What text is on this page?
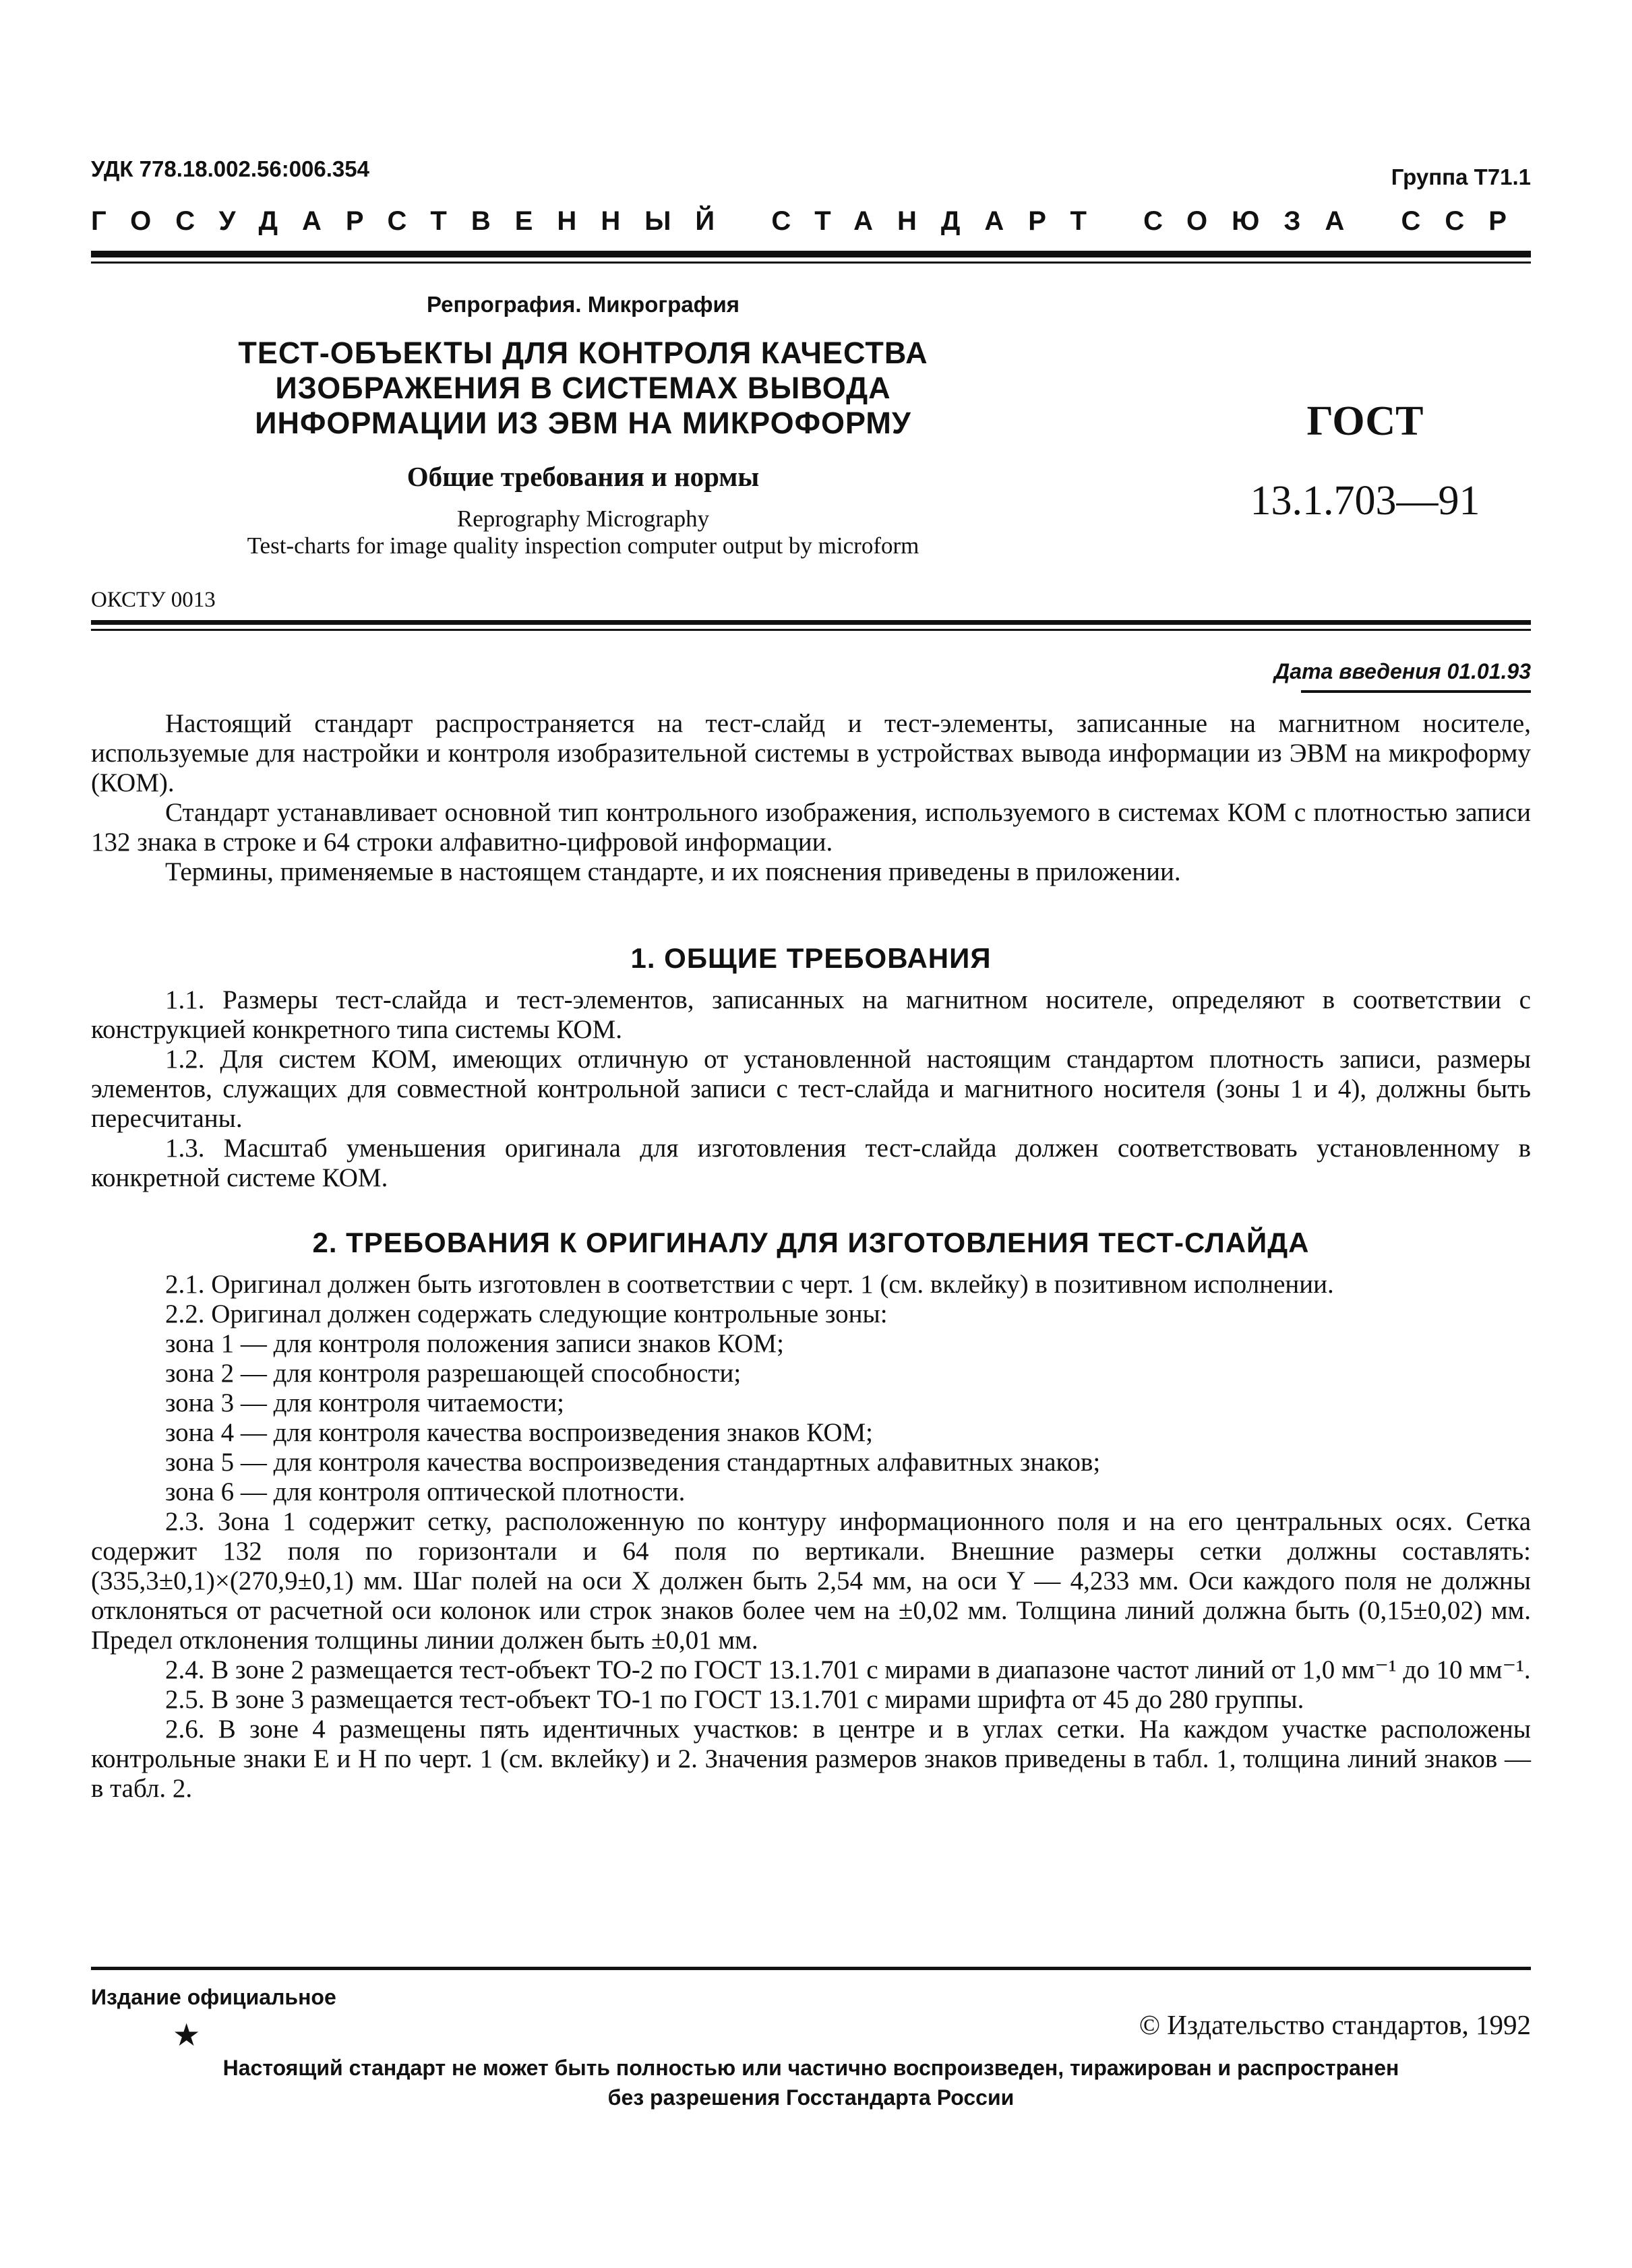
УДК 778.18.002.56:006.354	Группа Т71.1
ГОСУДАРСТВЕННЫЙ СТАНДАРТ СОЮЗА ССР
Репрография. Микрография
ТЕСТ-ОБЪЕКТЫ ДЛЯ КОНТРОЛЯ КАЧЕСТВА
ИЗОБРАЖЕНИЯ В СИСТЕМАХ ВЫВОДА
ИНФОРМАЦИИ ИЗ ЭВМ НА МИКРОФОРМУ
Общие требования и нормы
Reprography Micrography
Test-charts for image quality inspection computer output by microform
ГОСТ
13.1.703—91
ОКСТУ 0013
Дата введения 01.01.93

Настоящий стандарт распространяется на тест-слайд и тест-элементы, записанные на магнитном носителе, используемые для настройки и контроля изобразительной системы в устройствах вывода информации из ЭВМ на микроформу (КОМ).

Стандарт устанавливает основной тип контрольного изображения, используемого в системах КОМ с плотностью записи 132 знака в строке и 64 строки алфавитно-цифровой информации.

Термины, применяемые в настоящем стандарте, и их пояснения приведены в приложении.

1. ОБЩИЕ ТРЕБОВАНИЯ

1.1. Размеры тест-слайда и тест-элементов, записанных на магнитном носителе, определяют в соответствии с конструкцией конкретного типа системы КОМ.

1.2. Для систем КОМ, имеющих отличную от установленной настоящим стандартом плотность записи, размеры элементов, служащих для совместной контрольной записи с тест-слайда и магнитного носителя (зоны 1 и 4), должны быть пересчитаны.

1.3. Масштаб уменьшения оригинала для изготовления тест-слайда должен соответствовать установленному в конкретной системе КОМ.

2. ТРЕБОВАНИЯ К ОРИГИНАЛУ ДЛЯ ИЗГОТОВЛЕНИЯ ТЕСТ-СЛАЙДА

2.1. Оригинал должен быть изготовлен в соответствии с черт. 1 (см. вклейку) в позитивном исполнении.

2.2. Оригинал должен содержать следующие контрольные зоны:

зона 1 — для контроля положения записи знаков КОМ;

зона 2 — для контроля разрешающей способности;

зона 3 — для контроля читаемости;

зона 4 — для контроля качества воспроизведения знаков КОМ;

зона 5 — для контроля качества воспроизведения стандартных алфавитных знаков;

зона 6 — для контроля оптической плотности.

2.3. Зона 1 содержит сетку, расположенную по контуру информационного поля и на его центральных осях. Сетка содержит 132 поля по горизонтали и 64 поля по вертикали. Внешние размеры сетки должны составлять: (335,3±0,1)×(270,9±0,1) мм. Шаг полей на оси X должен быть 2,54 мм, на оси Y — 4,233 мм. Оси каждого поля не должны отклоняться от расчетной оси колонок или строк знаков более чем на ±0,02 мм. Толщина линий должна быть (0,15±0,02) мм. Предел отклонения толщины линии должен быть ±0,01 мм.

2.4. В зоне 2 размещается тест-объект ТО-2 по ГОСТ 13.1.701 с мирами в диапазоне частот линий от 1,0 мм⁻¹ до 10 мм⁻¹.

2.5. В зоне 3 размещается тест-объект ТО-1 по ГОСТ 13.1.701 с мирами шрифта от 45 до 280 группы.

2.6. В зоне 4 размещены пять идентичных участков: в центре и в углах сетки. На каждом участке расположены контрольные знаки Е и Н по черт. 1 (см. вклейку) и 2. Значения размеров знаков приведены в табл. 1, толщина линий знаков — в табл. 2.

Издание официальное
★	© Издательство стандартов, 1992
Настоящий стандарт не может быть полностью или частично воспроизведен, тиражирован и распространен
без разрешения Госстандарта России
